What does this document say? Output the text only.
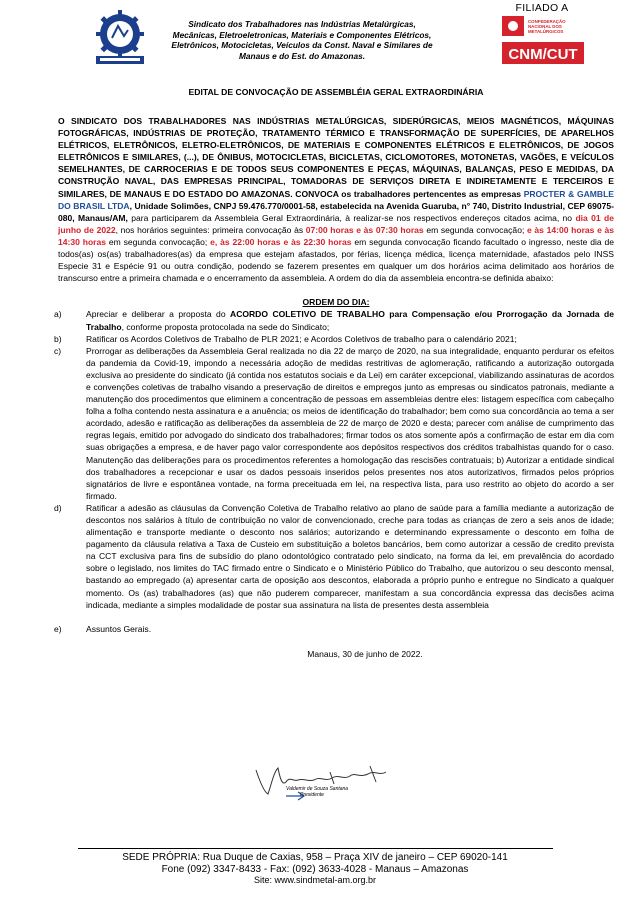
Sindicato dos Trabalhadores nas Indústrias Metalúrgicas,
Mecânicas, Eletroeletronicas, Materiais e Componentes Elétricos,
Eletrônicos, Motocicletas, Veículos da Const. Naval e Similares de
Manaus e do Est. do Amazonas.
FILIADO A
CONFEDERAÇÃO
NACIONAL DOS
METALÚRGICOS
CNM/CUT
EDITAL DE CONVOCAÇÃO DE ASSEMBLÉIA GERAL EXTRAORDINÁRIA
O SINDICATO DOS TRABALHADORES NAS INDÚSTRIAS METALÚRGICAS, SIDERÚRGICAS, MEIOS MAGNÉTICOS, MÁQUINAS FOTOGRÁFICAS, INDÚSTRIAS DE PROTEÇÃO, TRATAMENTO TÉRMICO E TRANSFORMAÇÃO DE SUPERFÍCIES, DE APARELHOS ELÉTRICOS, ELETRÔNICOS, ELETRO-ELETRÔNICOS, DE MATERIAIS E COMPONENTES ELÉTRICOS E ELETRÔNICOS, DE JOGOS ELETRÔNICOS E SIMILARES, (...), DE ÔNIBUS, MOTOCICLETAS, BICICLETAS, CICLOMOTORES, MOTONETAS, VAGÕES, E VEÍCULOS SEMELHANTES, DE CARROCERIAS E DE TODOS SEUS COMPONENTES E PEÇAS, MÁQUINAS, BALANÇAS, PESO E MEDIDAS, DA CONSTRUÇÃO NAVAL, DAS EMPRESAS PRINCIPAL, TOMADORAS DE SERVIÇOS DIRETA E INDIRETAMENTE E TERCEIROS E SIMILARES, DE MANAUS E DO ESTADO DO AMAZONAS. CONVOCA os trabalhadores pertencentes as empresas PROCTER & GAMBLE DO BRASIL LTDA, Unidade Solimões, CNPJ 59.476.770/0001-58, estabelecida na Avenida Guaruba, n° 740, Distrito Industrial, CEP 69075-080, Manaus/AM, para participarem da Assembleia Geral Extraordinária, à realizar-se nos respectivos endereços citados acima, no dia 01 de junho de 2022, nos horários seguintes: primeira convocação às 07:00 horas e às 07:30 horas em segunda convocação; e às 14:00 horas e às 14:30 horas em segunda convocação; e, às 22:00 horas e às 22:30 horas em segunda convocação ficando facultado o ingresso, neste dia de todos(as) os(as) trabalhadores(as) da empresa que estejam afastados, por férias, licença médica, licença maternidade, afastados pelo INSS Especie 31 e Espécie 91 ou outra condição, podendo se fazerem presentes em qualquer um dos horários acima delimitado aos horários de transcurso entre a primeira chamada e o encerramento da assembleia. A ordem do dia da assembleia encontra-se definida abaixo:
ORDEM DO DIA:
a)	Apreciar e deliberar a proposta do ACORDO COLETIVO DE TRABALHO para Compensação e/ou Prorrogação da Jornada de Trabalho, conforme proposta protocolada na sede do Sindicato;
b)	Ratificar os Acordos Coletivos de Trabalho de PLR 2021; e Acordos Coletivos de trabalho para o calendário 2021;
c)	Prorrogar as deliberações da Assembleia Geral realizada no dia 22 de março de 2020, na sua integralidade, enquanto perdurar os efeitos da pandemia da Covid-19, impondo a necessária adoção de medidas restritivas de aglomeração, ratificando a autorização outorgada exclusiva ao presidente do sindicato (já contida nos estatutos sociais e da Lei) em caráter excepcional, viabilizando assinaturas de acordos e convenções coletivas de trabalho visando a preservação de direitos e empregos junto as empresas ou sindicatos patronais, mediante a manutenção dos procedimentos que eliminem a concentração de pessoas em assembleias dentre eles: listagem específica com cabeçalho folha a folha contendo nesta assinatura e a anuência; os meios de identificação do trabalhador; bem como sua concordância ao tema a ser acordado, adesão e ratificação as deliberações da assembleia de 22 de março de 2020 e desta; parecer com análise de cumprimento das regras legais, emitido por advogado do sindicato dos trabalhadores; firmar todos os atos somente após a confirmação de estar em dia com suas obrigações a empresa, e de haver pago valor correspondente aos depósitos respectivos dos créditos trabalhistas quando for o caso. Manutenção das deliberações para os procedimentos referentes a homologação das rescisões contratuais; b) Autorizar a entidade sindical dos trabalhadores a recepcionar e usar os dados pessoais inseridos pelos presentes nos atos autorizativos, firmados pelos próprios signatários de livre e espontânea vontade, na forma preceituada em lei, na respectiva lista, para uso restrito ao objeto do acordo a ser firmado.
d)	Ratificar a adesão as cláusulas da Convenção Coletiva de Trabalho relativo ao plano de saúde para a família mediante a autorização de descontos nos salários à título de contribuição no valor de convencionado, creche para todas as crianças de zero a seis anos de idade; alimentação e transporte mediante o desconto nos salários; autorizando e determinando expressamente o desconto em folha de pagamento da cláusula relativa a Taxa de Custeio em substituição a boletos bancários, bem como autorizar a cessão de credito prevista na CCT exclusiva para fins de subsídio do plano odontológico contratado pelo sindicato, na forma da lei, em prevalência do acordado sobre o legislado, nos limites do TAC firmado entre o Sindicato e o Ministério Público do Trabalho, que autorizou o seu desconto mensal, bastando ao empregado (a) apresentar carta de oposição aos descontos, elaborada a próprio punho e entregue no Sindicato a qualquer momento. Os (as) trabalhadores (as) que não puderem comparecer, manifestam a sua concordância expressa das decisões acima indicada, mediante a simples modalidade de postar sua assinatura na lista de presentes desta assembleia
e)	Assuntos Gerais.
Manaus, 30 de junho de 2022.
Valdemir de Souza Santana
Presidente
SEDE PRÓPRIA: Rua Duque de Caxias, 958 – Praça XIV de janeiro – CEP 69020-141
Fone (092) 3347-8433 - Fax: (092) 3633-4028 - Manaus – Amazonas
Site: www.sindmetal-am.org.br
